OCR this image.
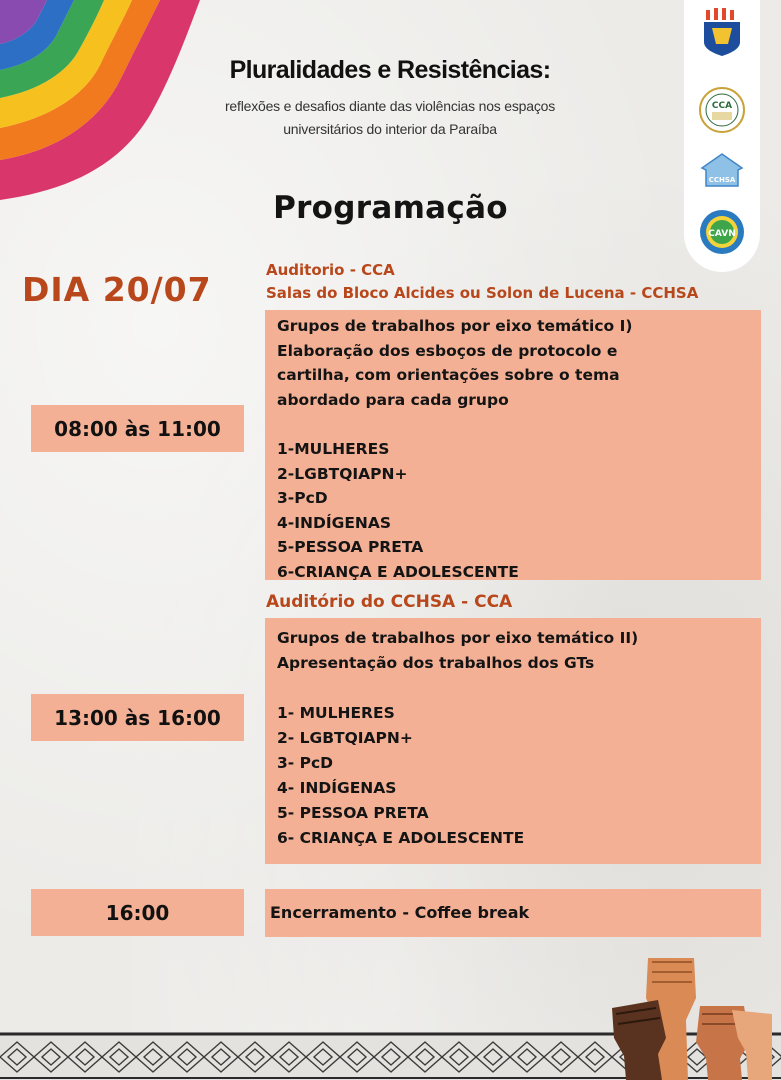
CCA
CCHSA
CAVN
Pluralidades e Resistências:
reflexões e desafios diante das violências nos espaços
universitários do interior da Paraíba
Programação
DIA 20/07	Auditorio - CCA
Salas do Bloco Alcides ou Solon de Lucena - CCHSA
08:00 às 11:00
Grupos de trabalhos por eixo temático I)
Elaboração dos esboços de protocolo e
cartilha, com orientações sobre o tema
abordado para cada grupo
1-MULHERES
2-LGBTQIAPN+
3-PcD
4-INDÍGENAS
5-PESSOA PRETA
6-CRIANÇA E ADOLESCENTE
Auditório do CCHSA - CCA
13:00 às 16:00
Grupos de trabalhos por eixo temático II)
Apresentação dos trabalhos dos GTs
1- MULHERES
2- LGBTQIAPN+
3- PcD
4- INDÍGENAS
5- PESSOA PRETA
6- CRIANÇA E ADOLESCENTE
16:00	Encerramento - Coffee break
